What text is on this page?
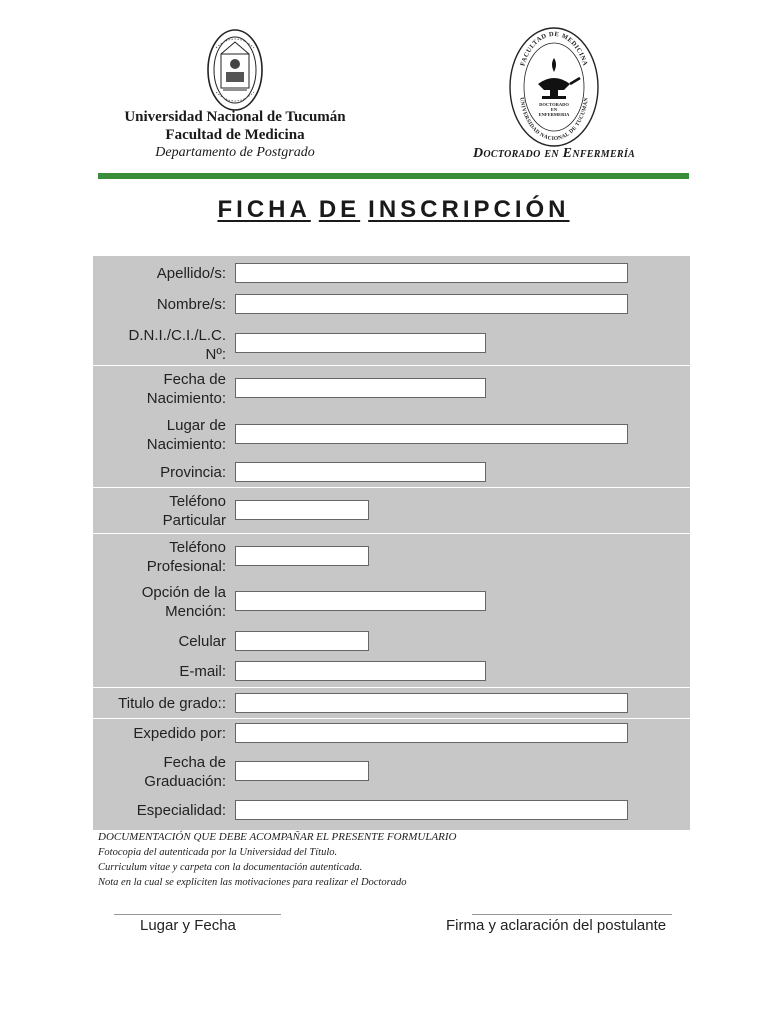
Universidad Nacional de Tucumán
Facultad de Medicina
Departamento de Postgrado
FACULTAD DE MEDICINA
UNIVERSIDAD NACIONAL DE TUCUMAN
DOCTORADO
EN
ENFERMERIA
Doctorado en Enfermería
FICHA DE INSCRIPCIÓN
Apellido/s:
Nombre/s:
D.N.I./C.I./L.C.
Nº:
Fecha de
Nacimiento:
Lugar de
Nacimiento:
Provincia:
Teléfono
Particular
Teléfono
Profesional:
Opción de la
Mención:
Celular
E-mail:
Titulo de grado::
Expedido por:
Fecha de
Graduación:
Especialidad:
DOCUMENTACIÓN QUE DEBE ACOMPAÑAR EL PRESENTE FORMULARIO
Fotocopia del autenticada por la Universidad del Título.
Curriculum vitae y carpeta con la documentación autenticada.
Nota en la cual se expliciten las motivaciones para realizar el Doctorado
Lugar y Fecha	Firma y aclaración del postulante
